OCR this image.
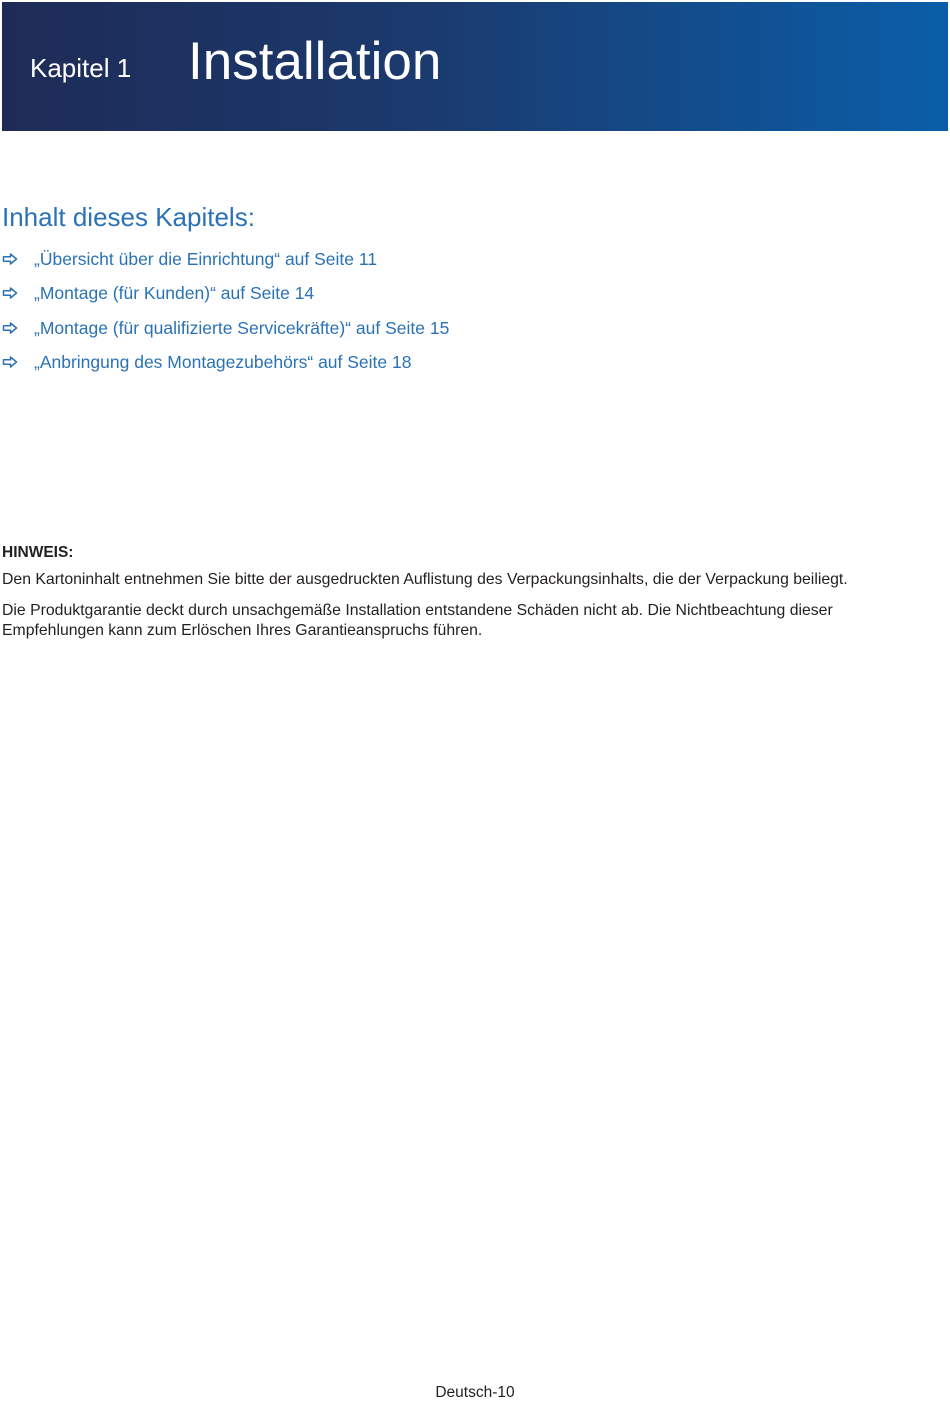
Kapitel 1 Installation
Inhalt dieses Kapitels:
„Übersicht über die Einrichtung“ auf Seite 11
„Montage (für Kunden)“ auf Seite 14
„Montage (für qualifizierte Servicekräfte)“ auf Seite 15
„Anbringung des Montagezubehörs“ auf Seite 18
HINWEIS:

Den Kartoninhalt entnehmen Sie bitte der ausgedruckten Auflistung des Verpackungsinhalts, die der Verpackung beiliegt.

Die Produktgarantie deckt durch unsachgemäße Installation entstandene Schäden nicht ab. Die Nichtbeachtung dieser Empfehlungen kann zum Erlöschen Ihres Garantieanspruchs führen.

Deutsch-10
